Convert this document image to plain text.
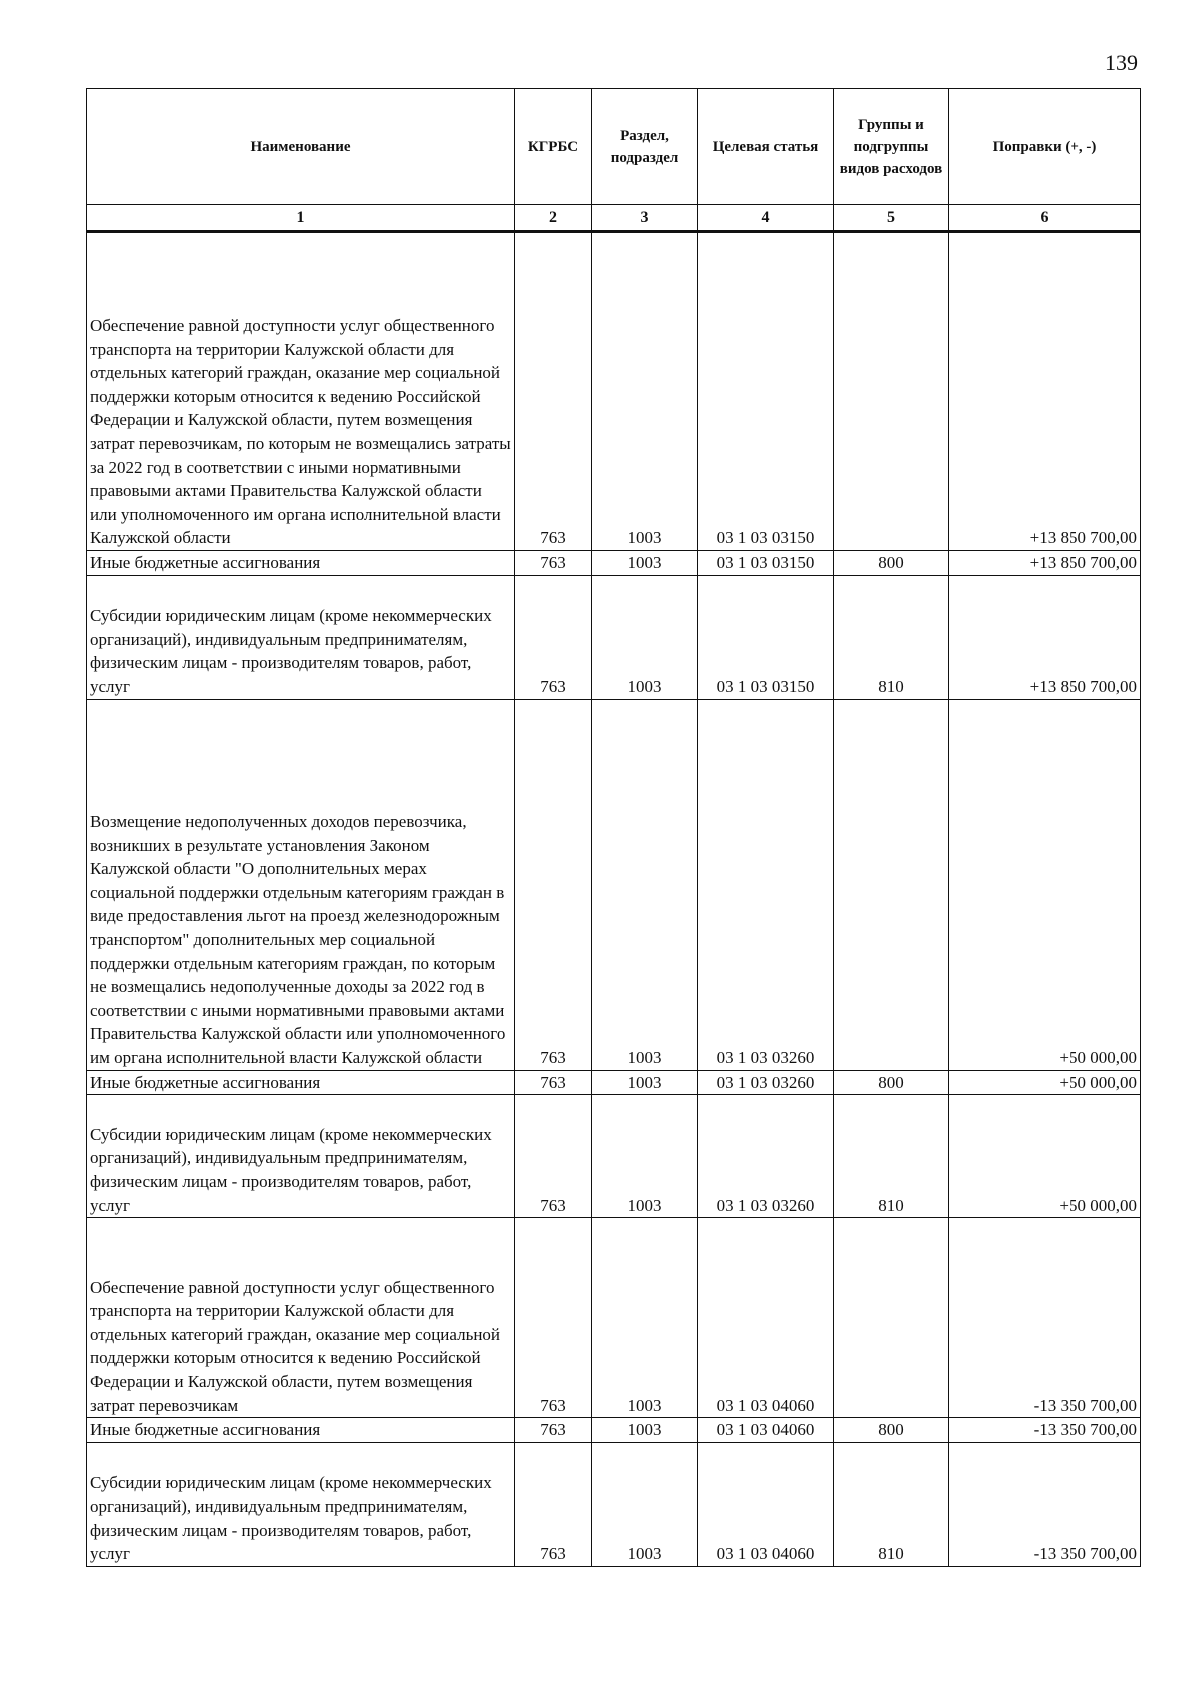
139
Наименование	КГРБС	Раздел, подраздел	Целевая статья	Группы и подгруппы видов расходов	Поправки (+, -)
1	2	3	4	5	6
Обеспечение равной доступности услуг общественного транспорта на территории Калужской области для отдельных категорий граждан, оказание мер социальной поддержки которым относится к ведению Российской Федерации и Калужской области, путем возмещения затрат перевозчикам, по которым не возмещались затраты за 2022 год в соответствии с иными нормативными правовыми актами Правительства Калужской области или уполномоченного им органа исполнительной власти Калужской области	763	1003	03 1 03 03150		+13 850 700,00
Иные бюджетные ассигнования	763	1003	03 1 03 03150	800	+13 850 700,00
Субсидии юридическим лицам (кроме некоммерческих организаций), индивидуальным предпринимателям, физическим лицам - производителям товаров, работ, услуг	763	1003	03 1 03 03150	810	+13 850 700,00
Возмещение недополученных доходов перевозчика, возникших в результате установления Законом Калужской области "О дополнительных мерах социальной поддержки отдельным категориям граждан в виде предоставления льгот на проезд железнодорожным транспортом" дополнительных мер социальной поддержки отдельным категориям граждан, по которым не возмещались недополученные доходы за 2022 год в соответствии с иными нормативными правовыми актами Правительства Калужской области или уполномоченного им органа исполнительной власти Калужской области	763	1003	03 1 03 03260		+50 000,00
Иные бюджетные ассигнования	763	1003	03 1 03 03260	800	+50 000,00
Субсидии юридическим лицам (кроме некоммерческих организаций), индивидуальным предпринимателям, физическим лицам - производителям товаров, работ, услуг	763	1003	03 1 03 03260	810	+50 000,00
Обеспечение равной доступности услуг общественного транспорта на территории Калужской области для отдельных категорий граждан, оказание мер социальной поддержки которым относится к ведению Российской Федерации и Калужской области, путем возмещения затрат перевозчикам	763	1003	03 1 03 04060		-13 350 700,00
Иные бюджетные ассигнования	763	1003	03 1 03 04060	800	-13 350 700,00
Субсидии юридическим лицам (кроме некоммерческих организаций), индивидуальным предпринимателям, физическим лицам - производителям товаров, работ, услуг	763	1003	03 1 03 04060	810	-13 350 700,00
